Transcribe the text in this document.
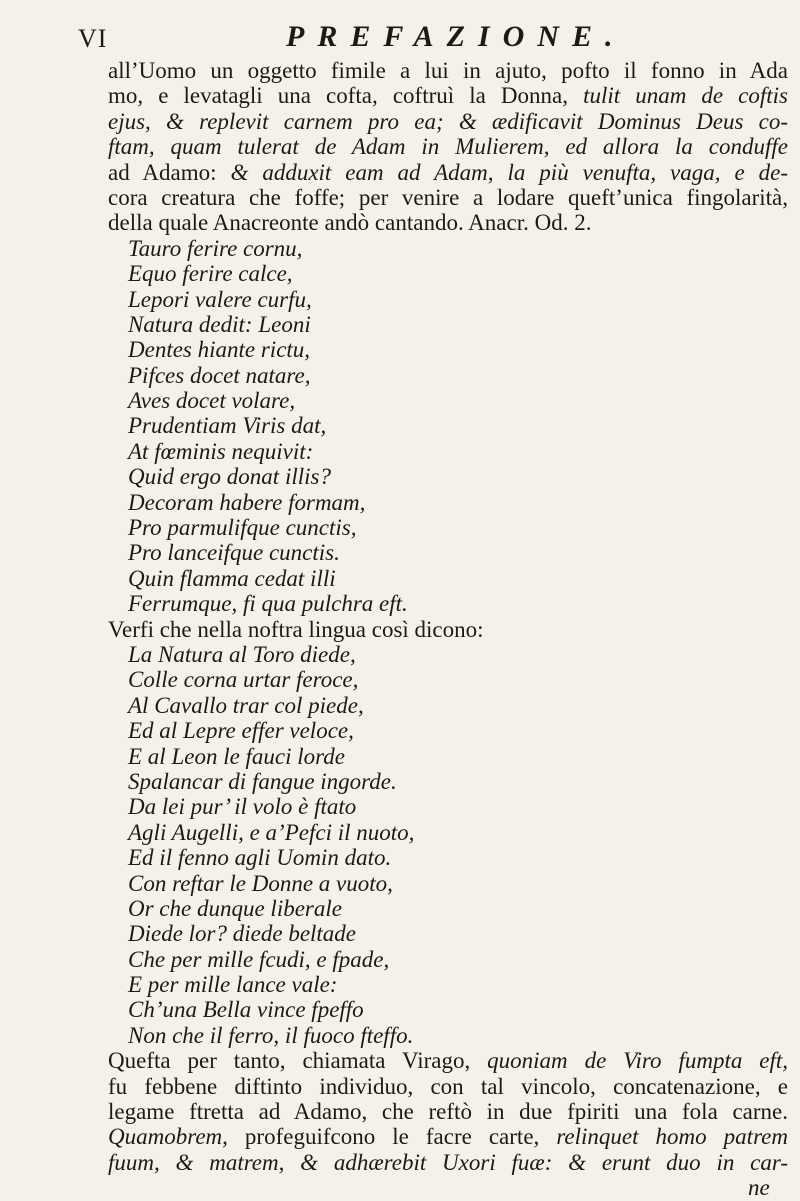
VI	PREFAZIONE.
all’Uomo un oggetto fimile a lui in ajuto, pofto il fonno in Ada
mo, e levatagli una cofta, coftruì la Donna, tulit unam de coftis
ejus, & replevit carnem pro ea; & ædificavit Dominus Deus co-
ftam, quam tulerat de Adam in Mulierem, ed allora la conduffe
ad Adamo: & adduxit eam ad Adam, la più venufta, vaga, e de-
cora creatura che foffe; per venire a lodare queft’unica fingolarità,
della quale Anacreonte andò cantando. Anacr. Od. 2.
Tauro ferire cornu,
Equo ferire calce,
Lepori valere curfu,
Natura dedit: Leoni
Dentes hiante rictu,
Pifces docet natare,
Aves docet volare,
Prudentiam Viris dat,
At fœminis nequivit:
Quid ergo donat illis?
Decoram habere formam,
Pro parmulifque cunctis,
Pro lanceifque cunctis.
Quin flamma cedat illi
Ferrumque, fi qua pulchra eft.
Verfi che nella noftra lingua così dicono:
La Natura al Toro diede,
Colle corna urtar feroce,
Al Cavallo trar col piede,
Ed al Lepre effer veloce,
E al Leon le fauci lorde
Spalancar di fangue ingorde.
Da lei pur’ il volo è ftato
Agli Augelli, e a’Pefci il nuoto,
Ed il fenno agli Uomin dato.
Con reftar le Donne a vuoto,
Or che dunque liberale
Diede lor? diede beltade
Che per mille fcudi, e fpade,
E per mille lance vale:
Ch’una Bella vince fpeffo
Non che il ferro, il fuoco fteffo.
Quefta per tanto, chiamata Virago, quoniam de Viro fumpta eft,
fu febbene diftinto individuo, con tal vincolo, concatenazione, e
legame ftretta ad Adamo, che reftò in due fpiriti una fola carne.
Quamobrem, profeguifcono le facre carte, relinquet homo patrem
fuum, & matrem, & adhærebit Uxori fuæ: & erunt duo in car-
ne
